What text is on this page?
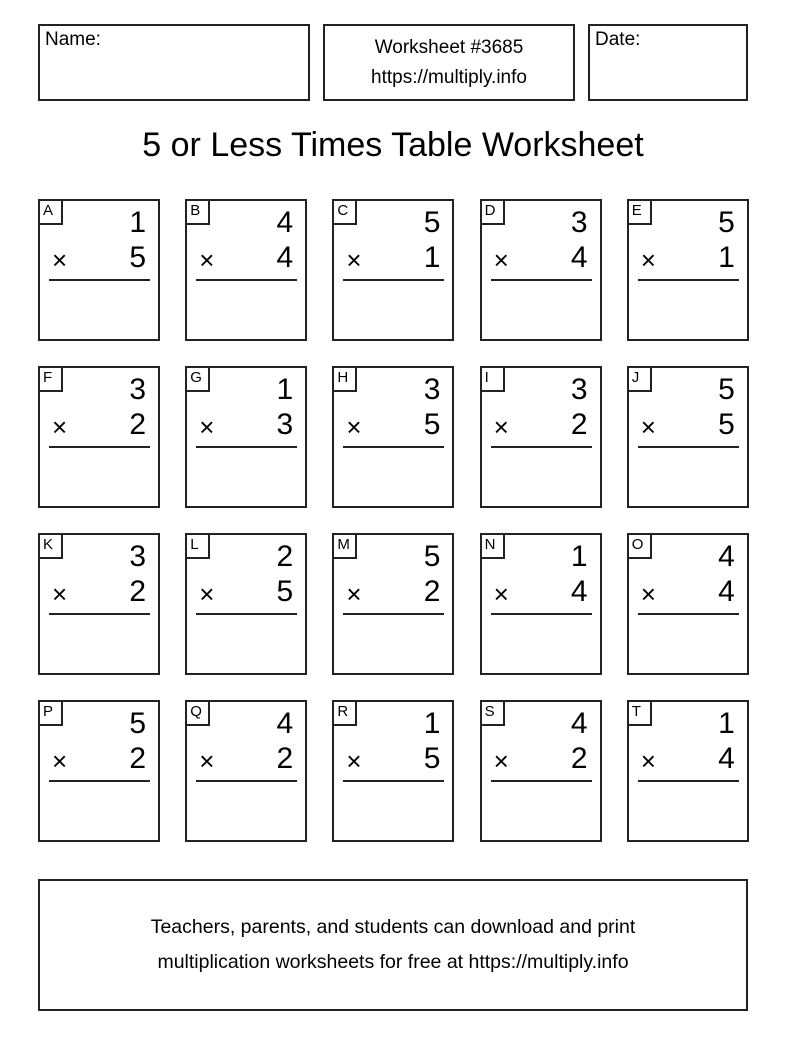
Name:	Worksheet #3685
https://multiply.info
Date:
5 or Less Times Table Worksheet
A	1
× 5
B	4
× 4
C	5
× 1
D	3
× 4
E	5
× 1
F	3
× 2
G 1
× 3
H	3
× 5
I	3
× 2
J	5
× 5
K	3
× 2
L	2
× 5
M 5
× 2
N	1
× 4
O 4
× 4
P	5
× 2
Q 4
× 2
R	1
× 5
S	4
× 2
T	1
× 4
Teachers, parents, and students can download and print
multiplication worksheets for free at https://multiply.info
